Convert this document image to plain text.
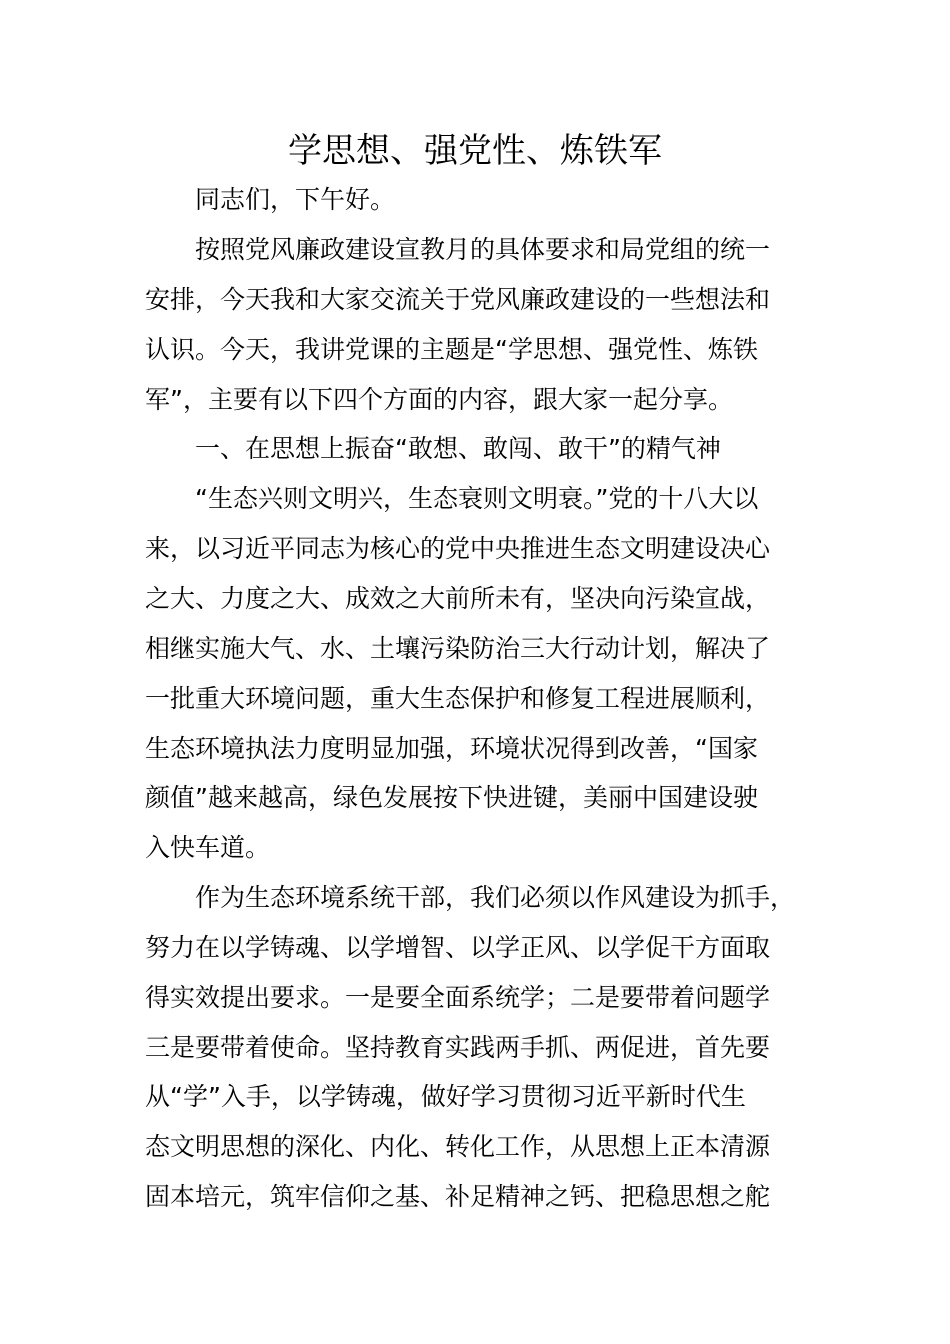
学思想、强党性、炼铁军

同志们，下午好。

按照党风廉政建设宣教月的具体要求和局党组的统一

安排，今天我和大家交流关于党风廉政建设的一些想法和

认识。今天，我讲党课的主题是“学思想、强党性、炼铁

军”，主要有以下四个方面的内容，跟大家一起分享。

一、在思想上振奋“敢想、敢闯、敢干”的精气神

“生态兴则文明兴，生态衰则文明衰。”党的十八大以

来，以习近平同志为核心的党中央推进生态文明建设决心

之大、力度之大、成效之大前所未有，坚决向污染宣战，

相继实施大气、水、土壤污染防治三大行动计划，解决了

一批重大环境问题，重大生态保护和修复工程进展顺利，

生态环境执法力度明显加强，环境状况得到改善，“国家

颜值”越来越高，绿色发展按下快进键，美丽中国建设驶

入快车道。

作为生态环境系统干部，我们必须以作风建设为抓手，

努力在以学铸魂、以学增智、以学正风、以学促干方面取

得实效提出要求。一是要全面系统学；二是要带着问题学

三是要带着使命。坚持教育实践两手抓、两促进，首先要

从“学”入手，以学铸魂，做好学习贯彻习近平新时代生

态文明思想的深化、内化、转化工作，从思想上正本清源

固本培元，筑牢信仰之基、补足精神之钙、把稳思想之舵
